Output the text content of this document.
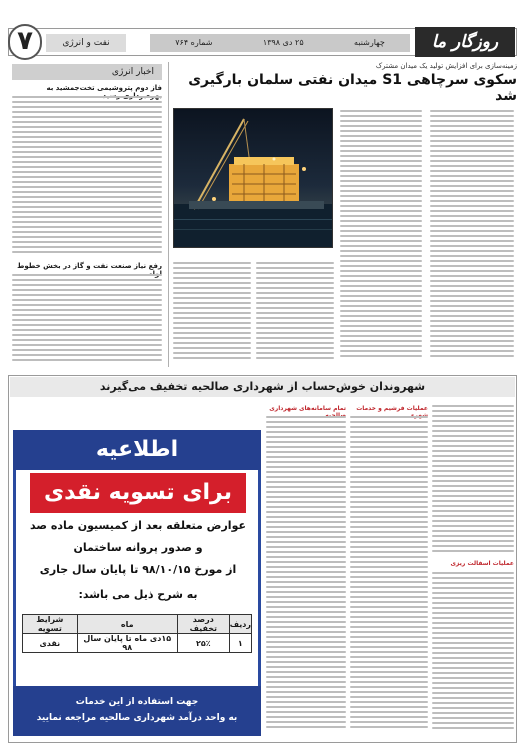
۷	نفت و انرژی	چهارشنبه
۲۵ دی ۱۳۹۸
شماره ۷۶۴	روزگار ما
اخبار انرژی
فاز دوم پتروشیمی تخت‌جمشید به
رفع نیاز صنعت نفت و گاز در بخش خطوط
زمینه‌سازی برای افزایش تولید یک میدان مشترک
سکوی سرچاهی S1 میدان نفتی سلمان بارگیری شد
شهروندان خوش‌حساب از شهرداری صالحیه تخفیف می‌گیرند
اطلاعیه
برای تسویه نقدی
عوارض متعلقه بعد از کمیسیون ماده صد
و صدور پروانه ساختمان
از مورخ ۹۸/۱۰/۱۵ تا پایان سال جاری
به شرح ذیل می باشد:
ردیف	درصد تخفیف	ماه	شرایط تسویه
۱	۲۵٪	۱۵دی ماه تا پایان سال ۹۸	نقدی
جهت استفاده از این خدمات
به واحد درآمد شهرداری صالحیه مراجعه نمایید
تمام سامانه‌های شهرداری	عملیات فرشیم و خدمات
عملیات اسفالت ریزی
